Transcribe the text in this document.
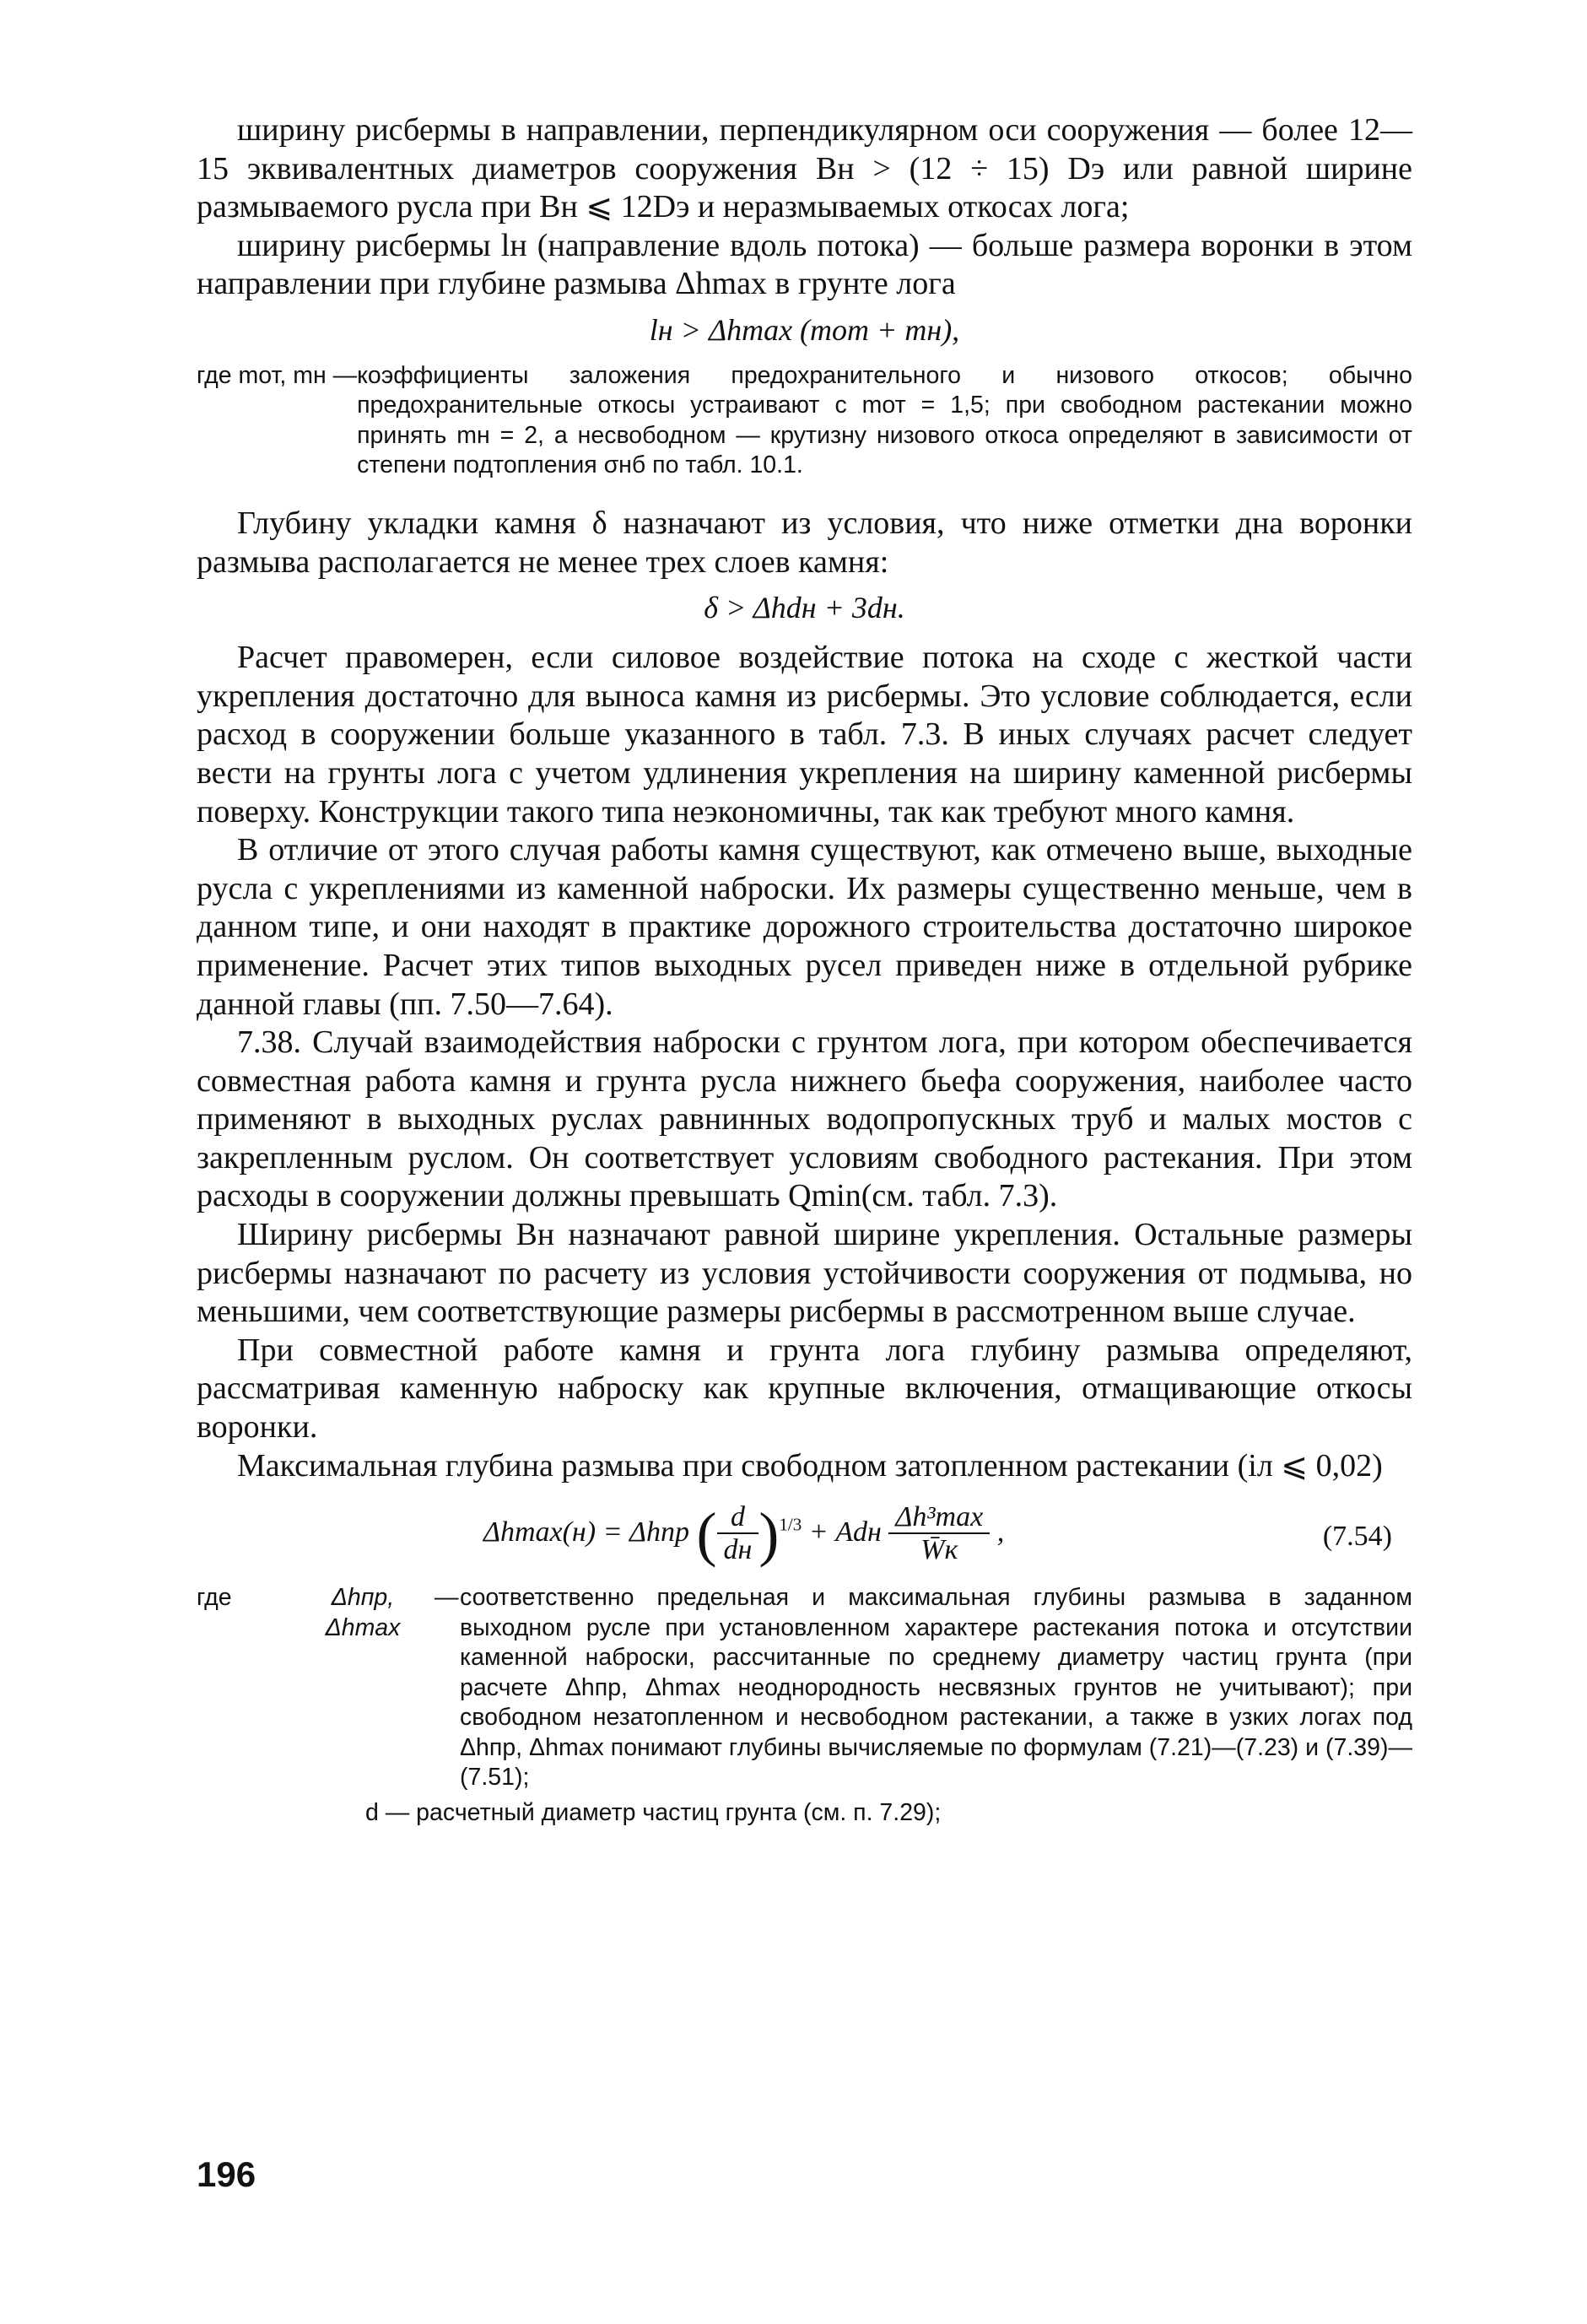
ширину рисбермы в направлении, перпендикулярном оси сооружения — более 12—15 эквивалентных диаметров сооружения Bн > (12 ÷ 15) Dэ или равной ширине размываемого русла при Bн ⩽ 12Dэ и неразмываемых откосах лога;

ширину рисбермы lн (направление вдоль потока) — больше размера воронки в этом направлении при глубине размыва Δhmax в грунте лога

lн > Δhmax (mот + mн),
где mот, mн — коэффициенты заложения предохранительного и низового откосов; обычно предохранительные откосы устраивают с mот = 1,5; при свободном растекании можно принять mн = 2, а несвободном — крутизну низового откоса определяют в зависимости от степени подтопления σнб по табл. 10.1.

Глубину укладки камня δ назначают из условия, что ниже отметки дна воронки размыва располагается не менее трех слоев камня:

δ > Δhdн + 3dн.

Расчет правомерен, если силовое воздействие потока на сходе с жесткой части укрепления достаточно для выноса камня из рисбермы. Это условие соблюдается, если расход в сооружении больше указанного в табл. 7.3. В иных случаях расчет следует вести на грунты лога с учетом удлинения укрепления на ширину каменной рисбермы поверху. Конструкции такого типа неэкономичны, так как требуют много камня.

В отличие от этого случая работы камня существуют, как отмечено выше, выходные русла с укреплениями из каменной наброски. Их размеры существенно меньше, чем в данном типе, и они находят в практике дорожного строительства достаточно широкое применение. Расчет этих типов выходных русел приведен ниже в отдельной рубрике данной главы (пп. 7.50—7.64).

7.38. Случай взаимодействия наброски с грунтом лога, при котором обеспечивается совместная работа камня и грунта русла нижнего бьефа сооружения, наиболее часто применяют в выходных руслах равнинных водопропускных труб и малых мостов с закрепленным руслом. Он соответствует условиям свободного растекания. При этом расходы в сооружении должны превышать Qmin(см. табл. 7.3).

Ширину рисбермы Bн назначают равной ширине укрепления. Остальные размеры рисбермы назначают по расчету из условия устойчивости сооружения от подмыва, но меньшими, чем соответствующие размеры рисбермы в рассмотренном выше случае.

При совместной работе камня и грунта лога глубину размыва определяют, рассматривая каменную наброску как крупные включения, отмащивающие откосы воронки.

Максимальная глубина размыва при свободном затопленном растекании (iл ⩽ 0,02)

Δhmax(н) = Δhпр ( $\frac{d}{dн} )^{1/3}$ + Adн $\frac{\text{Δh³max}}{W̄к}$ ,	(7.54)
где	Δhпр, Δhmax
— соответственно предельная и максимальная глубины размыва в заданном выходном русле при установленном характере растекания потока и отсутствии каменной наброски, рассчитанные по среднему диаметру частиц грунта (при расчете Δhпр, Δhmax неоднородность несвязных грунтов не учитывают); при свободном незатопленном и несвободном растекании, а также в узких логах под Δhпр, Δhmax понимают глубины вычисляемые по формулам (7.21)—(7.23) и (7.39)—(7.51);
d — расчетный диаметр частиц грунта (см. п. 7.29);
196
